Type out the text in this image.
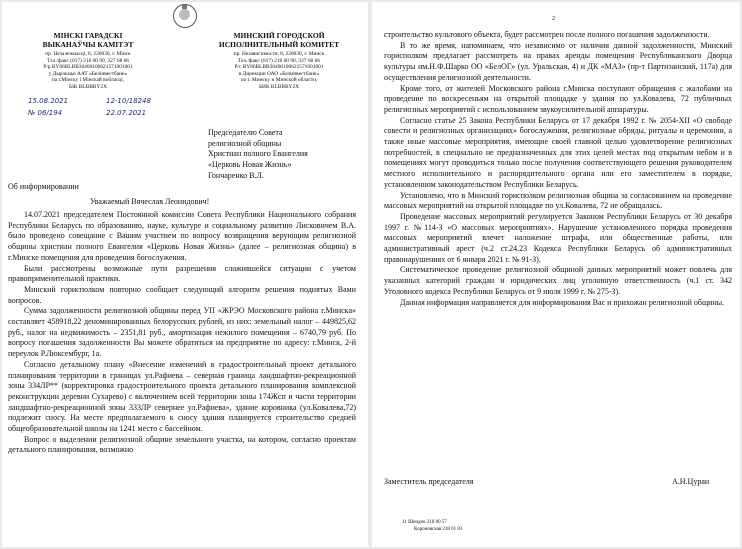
МІНСКІ ГАРАДСКІ
ВЫКАНАЎЧЫ КАМІТЭТ
пр. Незалежнасці, 8, 220030, г. Мінск
Тэл./факс (017) 218 00 90, 327 68 66
Р/р BY86BLBB30400100621571001001
у Дырэкцыі ААТ «Белінвестбанк»
па г.Мінску і Мінскай вобласці,
БІК BLBBBY2X
МИНСКИЙ ГОРОДСКОЙ
ИСПОЛНИТЕЛЬНЫЙ КОМИТЕТ
пр. Независимости, 8, 220030, г. Минск
Тел./факс (017) 218 00 90, 327 68 66
Р/с BY86BLBB30400100621571001001
в Дирекции ОАО «Белинвестбанк»
по г. Минску и Минской области,
БИК BLBBBY2X
15.08.2021	12-10/18248
№ 06/194	22.07.2021
Председателю Совета
религиозной общины
Христиан полного Евангелия
«Церковь Новая Жизнь»
Гончаренко В.Л.
Об информировании
Уважаемый Вячеслав Леонидович!

14.07.2021 председателем Постоянной комиссии Совета Республики Национального собрания Республики Беларусь по образованию, науке, культуре и социальному развитию Лисковичем В.А. было проведено совещание с Вашим участием по вопросу возвращения верующим религиозной общины христиан полного Евангелия «Церковь Новая Жизнь» (далее – религиозная община) в г.Минске помещения для проведения богослужения.

Были рассмотрены возможные пути разрешения сложившейся ситуации с учетом правоприменительной практики.

Минский горисполком повторно сообщает следующий алгоритм решения поднятых Вами вопросов.

Сумма задолженности религиозной общины перед УП «ЖРЭО Московского района г.Минска» составляет 458918,22 деноминированных белорусских рублей, из них: земельный налог – 449825,62 руб., налог на недвижимость – 2351,81 руб., амортизация нежилого помещения – 6740,79 руб. По вопросу погашения задолженности Вы можете обратиться на предприятие по адресу: г.Минск, 2-й переулок Р.Люксембург, 1а.

Согласно детальному плану «Внесение изменений в градостроительный проект детального планирования территории в границах ул.Рафиева – северная граница ландшафтно-рекреационной зоны 334ЛР** (корректировка градостроительного проекта детального планирования комплексной реконструкции деревни Сухарево) с включением всей территории зоны 174Жсп и части территории ландшафтно-рекреационной зоны 333ЛР севернее ул.Рафиева», здание коровника (ул.Ковалева,72) подлежит сносу. На месте предполагаемого к сносу здания планируется строительство средней общеобразовательной школы на 1241 место с бассейном.

Вопрос о выделении религиозной общине земельного участка, на котором, согласно проектам детального планирования, возможно

2

строительство культового объекта, будет рассмотрен после полного погашения задолженности.

В то же время, напоминаем, что независимо от наличия данной задолженности, Минский горисполком предлагает рассмотреть на правах аренды помещения Республиканского Дворца культуры им.Н.Ф.Шарко ОО «БелОГ» (ул. Уральская, 4) и ДК «МАЗ» (пр-т Партизанский, 117а) для осуществления религиозной деятельности.

Кроме того, от жителей Московского района г.Минска поступают обращения с жалобами на проведение по воскресеньям на открытой площадке у здания по ул.Ковалева, 72 публичных религиозных мероприятий с использованием звукоусилительной аппаратуры.

Согласно статье 25 Закона Республики Беларусь от 17 декабря 1992 г. № 2054-XII «О свободе совести и религиозных организациях» богослужения, религиозные обряды, ритуалы и церемонии, а также иные массовые мероприятия, имеющие своей главной целью удовлетворение религиозных потребностей, в специально не предназначенных для этих целей местах под открытым небом и в помещениях могут проводиться только после получения соответствующего решения руководителем местного исполнительного и распорядительного органа или его заместителем в порядке, установленном законодательством Республики Беларусь.

Установлено, что в Минский горисполком религиозная община за согласованием на проведение массовых мероприятий на открытой площадке по ул.Ковалева, 72 не обращалась.

Проведение массовых мероприятий регулируется Законом Республики Беларусь от 30 декабря 1997 г. №114-З «О массовых мероприятиях». Нарушение установленного порядка проведения массовых мероприятий влечет наложение штрафа, или общественные работы, или административный арест (ч.2 ст.24.23 Кодекса Республики Беларусь об административных правонарушениях от 6 января 2021 г. № 91-З).

Систематическое проведение религиозной общиной данных мероприятий может повлечь для указанных категорий граждан и юридических лиц уголовную ответственность (ч.1 ст. 342 Уголовного кодекса Республики Беларусь от 9 июля 1999 г. № 275-З).

Данная информация направляется для информирования Вас и прихожан религиозной общины.

Заместитель председателя	А.Н.Цуран
11 Шендик 218 00 57
Короновская 218 01 83
